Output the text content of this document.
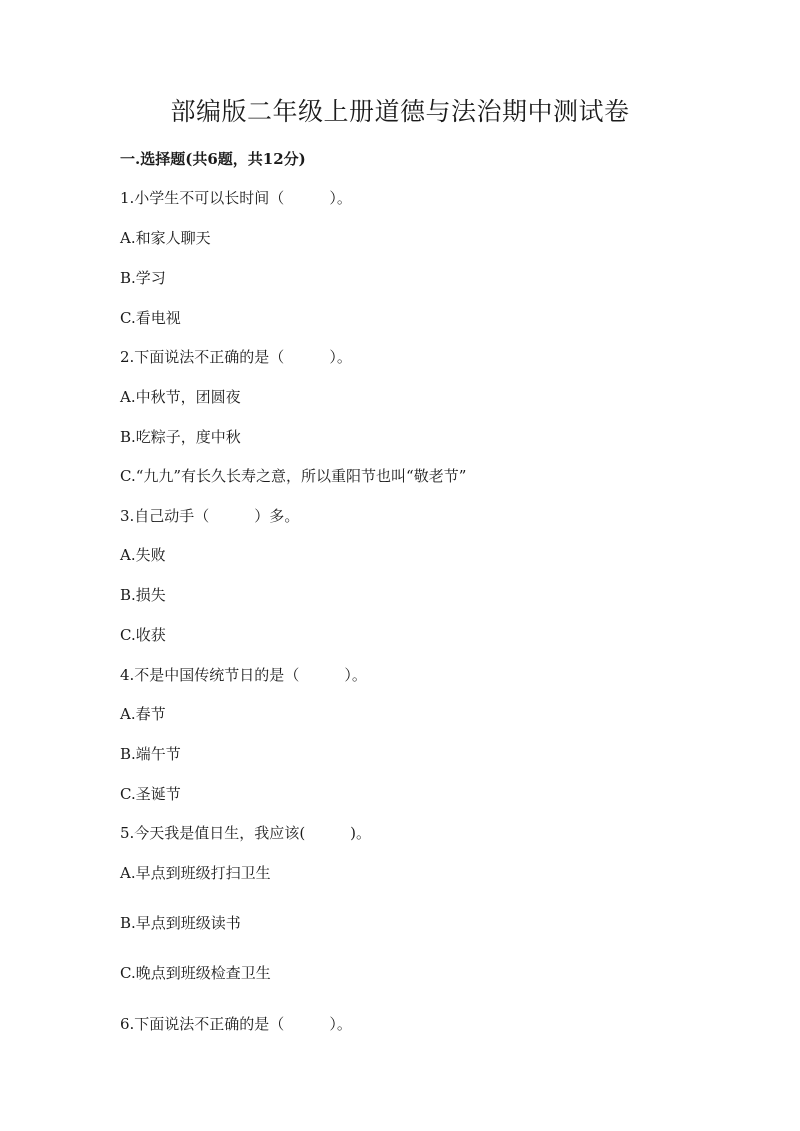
部编版二年级上册道德与法治期中测试卷
一.选择题(共6题，共12分)
1.小学生不可以长时间（　　　）。
A.和家人聊天
B.学习
C.看电视
2.下面说法不正确的是（　　　）。
A.中秋节，团圆夜
B.吃粽子，度中秋
C.“九九”有长久长寿之意，所以重阳节也叫“敬老节”
3.自己动手（　　　）多。
A.失败
B.损失
C.收获
4.不是中国传统节日的是（　　　）。
A.春节
B.端午节
C.圣诞节
5.今天我是值日生，我应该(　　　)。
A.早点到班级打扫卫生
B.早点到班级读书
C.晚点到班级检查卫生
6.下面说法不正确的是（　　　）。
